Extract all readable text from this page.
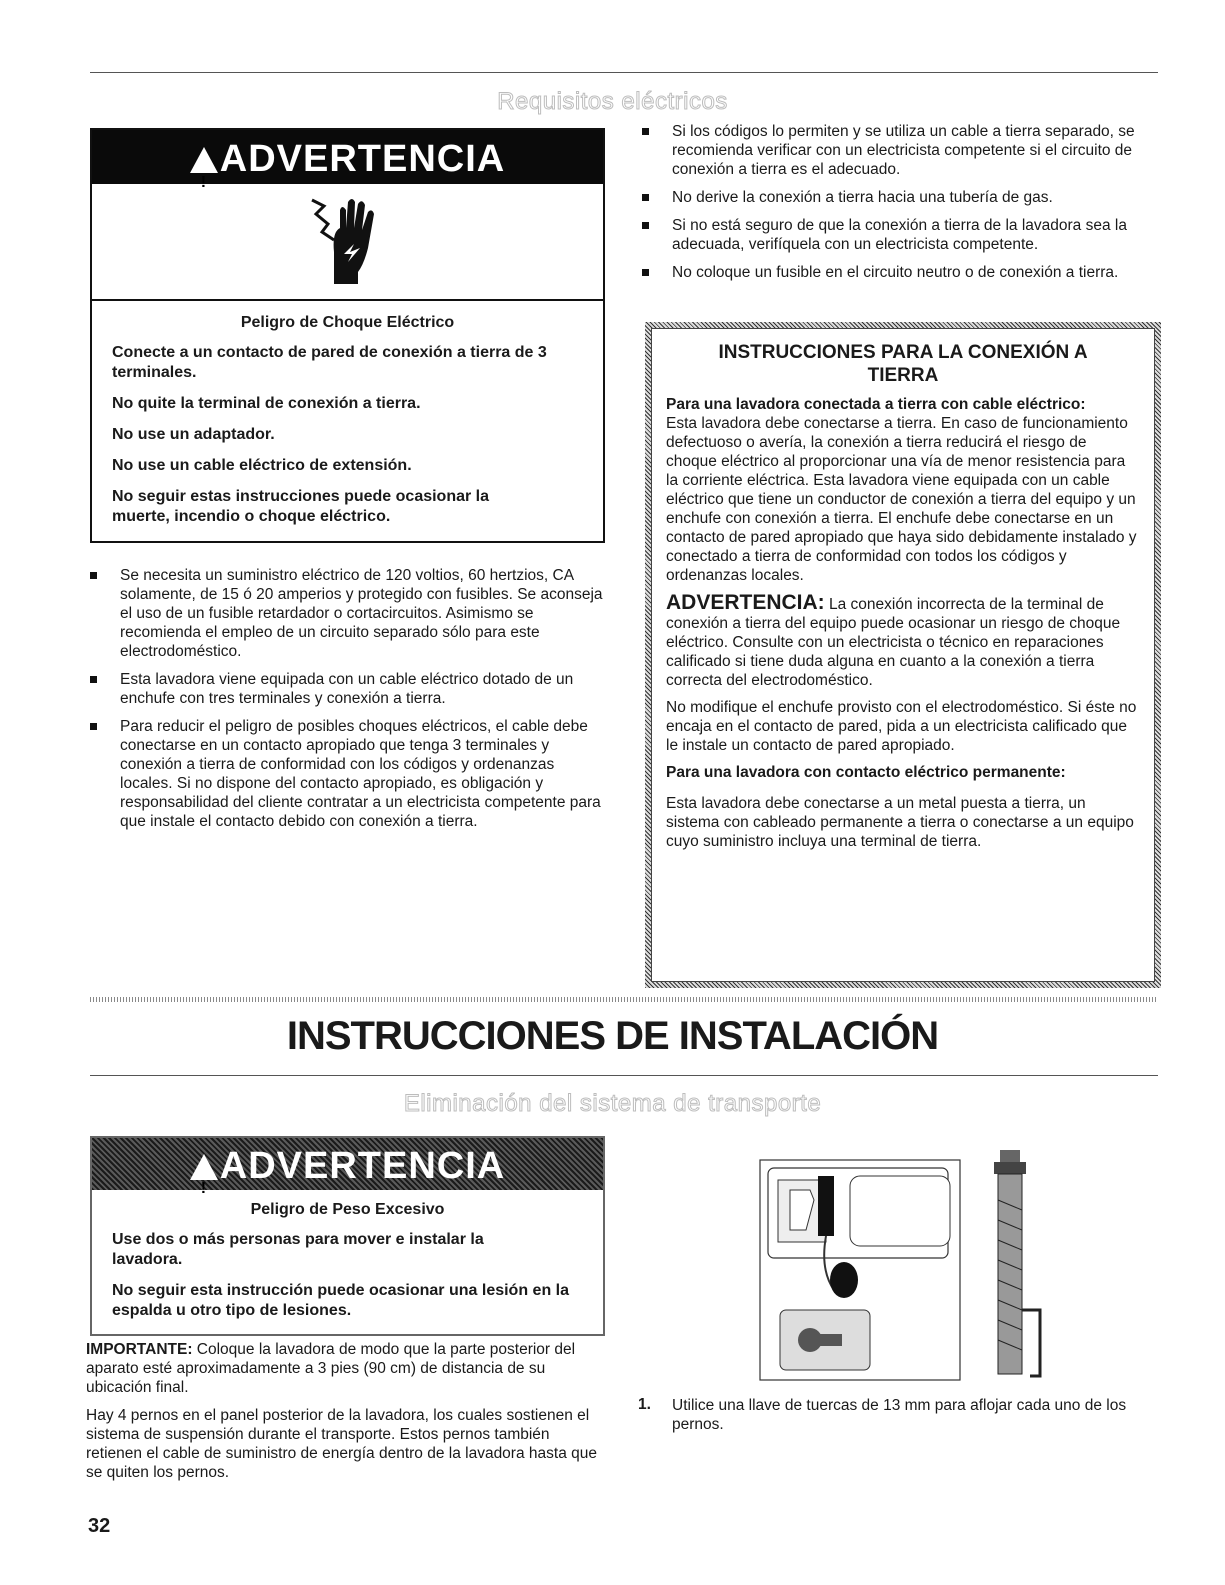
Requisitos eléctricos
!ADVERTENCIA

Peligro de Choque Eléctrico

Conecte a un contacto de pared de conexión a tierra de 3 terminales.

No quite la terminal de conexión a tierra.

No use un adaptador.

No use un cable eléctrico de extensión.

No seguir estas instrucciones puede ocasionar la muerte, incendio o choque eléctrico.

Se necesita un suministro eléctrico de 120 voltios, 60 hertzios, CA solamente, de 15 ó 20 amperios y protegido con fusibles. Se aconseja el uso de un fusible retardador o cortacircuitos. Asimismo se recomienda el empleo de un circuito separado sólo para este electrodoméstico.
Esta lavadora viene equipada con un cable eléctrico dotado de un enchufe con tres terminales y conexión a tierra.
Para reducir el peligro de posibles choques eléctricos, el cable debe conectarse en un contacto apropiado que tenga 3 terminales y conexión a tierra de conformidad con los códigos y ordenanzas locales. Si no dispone del contacto apropiado, es obligación y responsabilidad del cliente contratar a un electricista competente para que instale el contacto debido con conexión a tierra.
Si los códigos lo permiten y se utiliza un cable a tierra separado, se recomienda verificar con un electricista competente si el circuito de conexión a tierra es el adecuado.
No derive la conexión a tierra hacia una tubería de gas.
Si no está seguro de que la conexión a tierra de la lavadora sea la adecuada, verifíquela con un electricista competente.
No coloque un fusible en el circuito neutro o de conexión a tierra.
INSTRUCCIONES PARA LA CONEXIÓN A TIERRA

Para una lavadora conectada a tierra con cable eléctrico:

Esta lavadora debe conectarse a tierra. En caso de funcionamiento defectuoso o avería, la conexión a tierra reducirá el riesgo de choque eléctrico al proporcionar una vía de menor resistencia para la corriente eléctrica. Esta lavadora viene equipada con un cable eléctrico que tiene un conductor de conexión a tierra del equipo y un enchufe con conexión a tierra. El enchufe debe conectarse en un contacto de pared apropiado que haya sido debidamente instalado y conectado a tierra de conformidad con todos los códigos y ordenanzas locales.

ADVERTENCIA: La conexión incorrecta de la terminal de conexión a tierra del equipo puede ocasionar un riesgo de choque eléctrico. Consulte con un electricista o técnico en reparaciones calificado si tiene duda alguna en cuanto a la conexión a tierra correcta del electrodoméstico.

No modifique el enchufe provisto con el electrodoméstico. Si éste no encaja en el contacto de pared, pida a un electricista calificado que le instale un contacto de pared apropiado.

Para una lavadora con contacto eléctrico permanente:

Esta lavadora debe conectarse a un metal puesta a tierra, un sistema con cableado permanente a tierra o conectarse a un equipo cuyo suministro incluya una terminal de tierra.

INSTRUCCIONES DE INSTALACIÓN
Eliminación del sistema de transporte
!ADVERTENCIA

Peligro de Peso Excesivo

Use dos o más personas para mover e instalar la lavadora.

No seguir esta instrucción puede ocasionar una lesión en la espalda u otro tipo de lesiones.

IMPORTANTE: Coloque la lavadora de modo que la parte posterior del aparato esté aproximadamente a 3 pies (90 cm) de distancia de su ubicación final.

Hay 4 pernos en el panel posterior de la lavadora, los cuales sostienen el sistema de suspensión durante el transporte. Estos pernos también retienen el cable de suministro de energía dentro de la lavadora hasta que se quiten los pernos.

1. Utilice una llave de tuercas de 13 mm para aflojar cada uno de los pernos.

32
